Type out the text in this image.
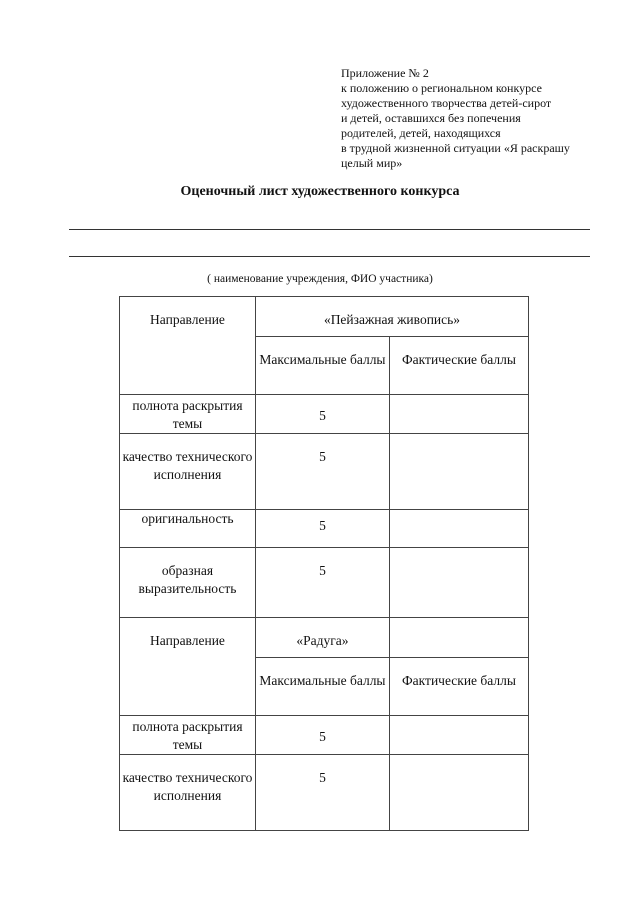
Приложение № 2
к положению о региональном конкурсе
художественного творчества детей-сирот
и детей, оставшихся без попечения
родителей, детей, находящихся
в трудной жизненной ситуации «Я раскрашу
целый мир»
Оценочный лист художественного конкурса
( наименование учреждения, ФИО участника)
Направление	«Пейзажная живопись»	
	Максимальные баллы	Фактические баллы
полнота раскрытия темы	5	
качество технического исполнения	5	
оригинальность	5	
образная выразительность	5	
Направление	«Радуга»	
	Максимальные баллы	Фактические баллы
полнота раскрытия темы	5	
качество технического исполнения	5	
